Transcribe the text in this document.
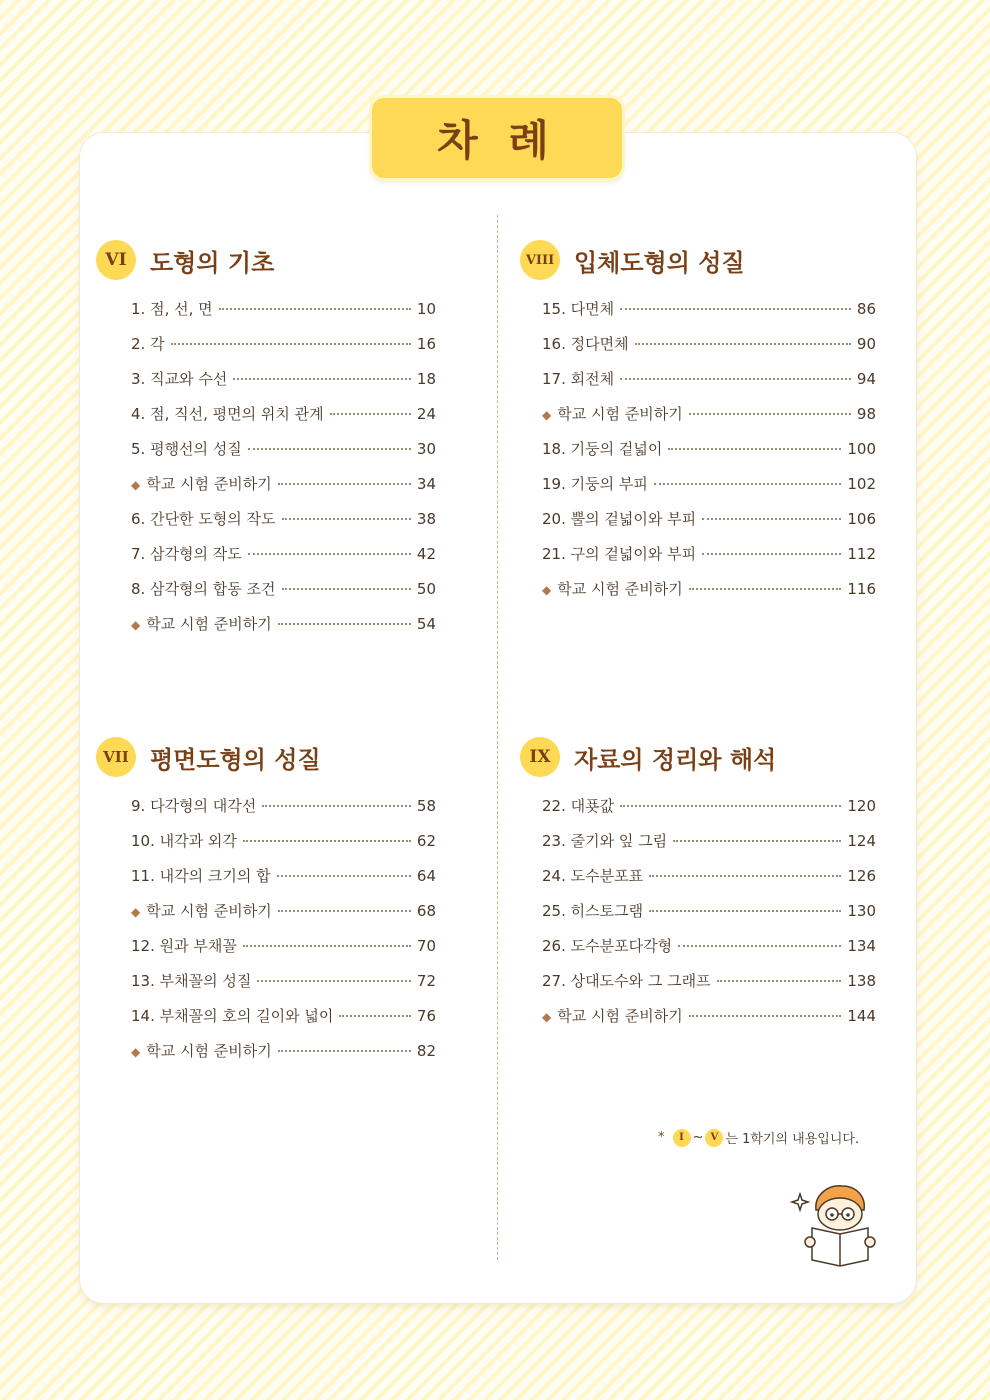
차 례
VI 도형의 기초
1. 점, 선, 면	10
2. 각	16
3. 직교와 수선	18
4. 점, 직선, 평면의 위치 관계	24
5. 평행선의 성질	30
◆ 학교 시험 준비하기	34
6. 간단한 도형의 작도	38
7. 삼각형의 작도	42
8. 삼각형의 합동 조건	50
◆ 학교 시험 준비하기	54
VII 평면도형의 성질
9. 다각형의 대각선	58
10. 내각과 외각	62
11. 내각의 크기의 합	64
◆ 학교 시험 준비하기	68
12. 원과 부채꼴	70
13. 부채꼴의 성질	72
14. 부채꼴의 호의 길이와 넓이	76
◆ 학교 시험 준비하기	82
VIII 입체도형의 성질
15. 다면체	86
16. 정다면체	90
17. 회전체	94
◆ 학교 시험 준비하기	98
18. 기둥의 겉넓이	100
19. 기둥의 부피	102
20. 뿔의 겉넓이와 부피	106
21. 구의 겉넓이와 부피	112
◆ 학교 시험 준비하기	116
IX 자료의 정리와 해석
22. 대푯값	120
23. 줄기와 잎 그림	124
24. 도수분포표	126
25. 히스토그램	130
26. 도수분포다각형	134
27. 상대도수와 그 그래프	138
◆ 학교 시험 준비하기	144
*	I ~ V 는 1학기의 내용입니다.
